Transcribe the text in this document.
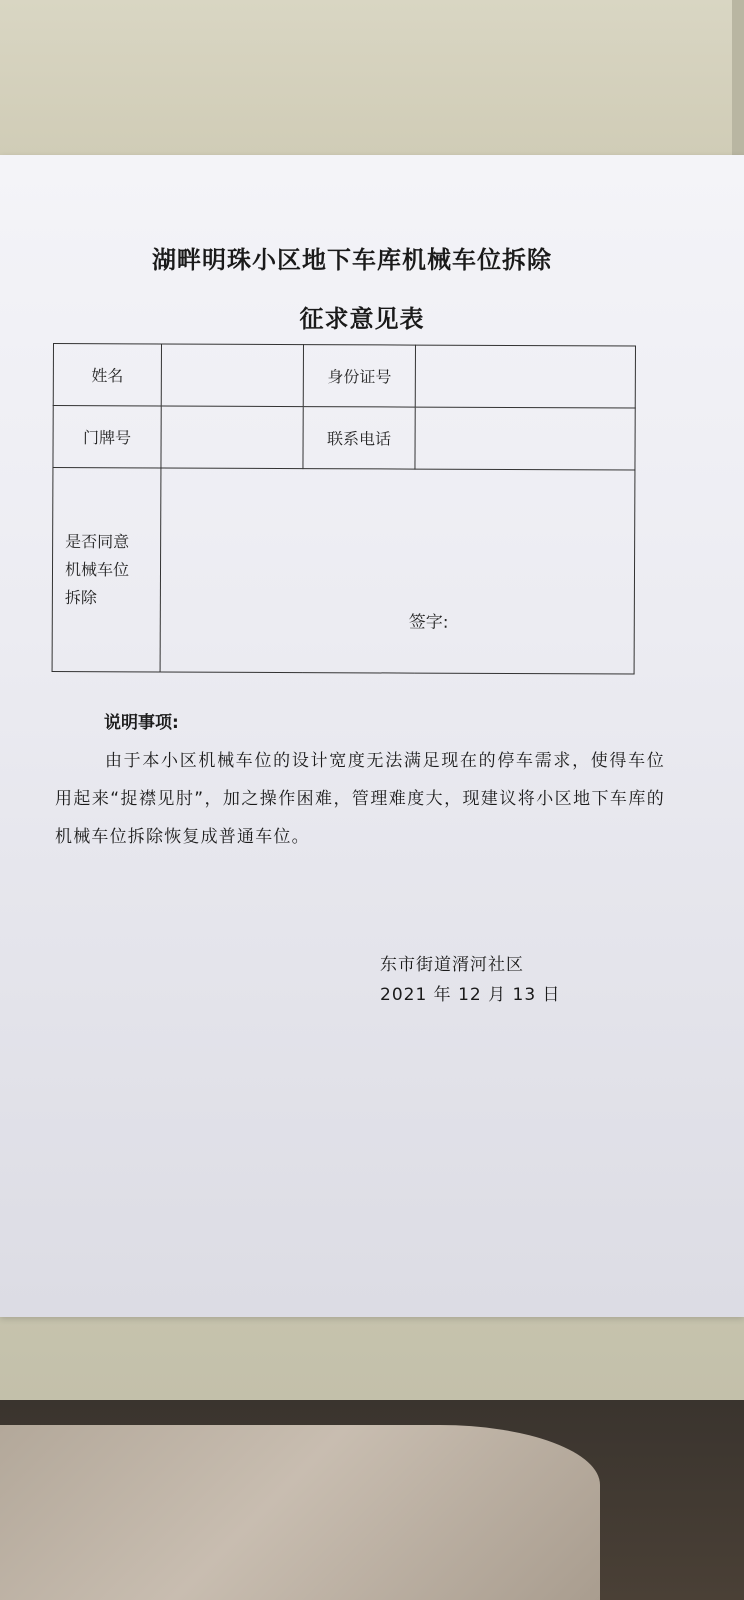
湖畔明珠小区地下车库机械车位拆除
征求意见表
姓名		身份证号	
门牌号		联系电话	

是否同意
机械车位
拆除	签字:		
说明事项:
由于本小区机械车位的设计宽度无法满足现在的停车需求，使得车位用起来“捉襟见肘”，加之操作困难，管理难度大，现建议将小区地下车库的机械车位拆除恢复成普通车位。
东市街道湑河社区
2021 年 12 月 13 日
